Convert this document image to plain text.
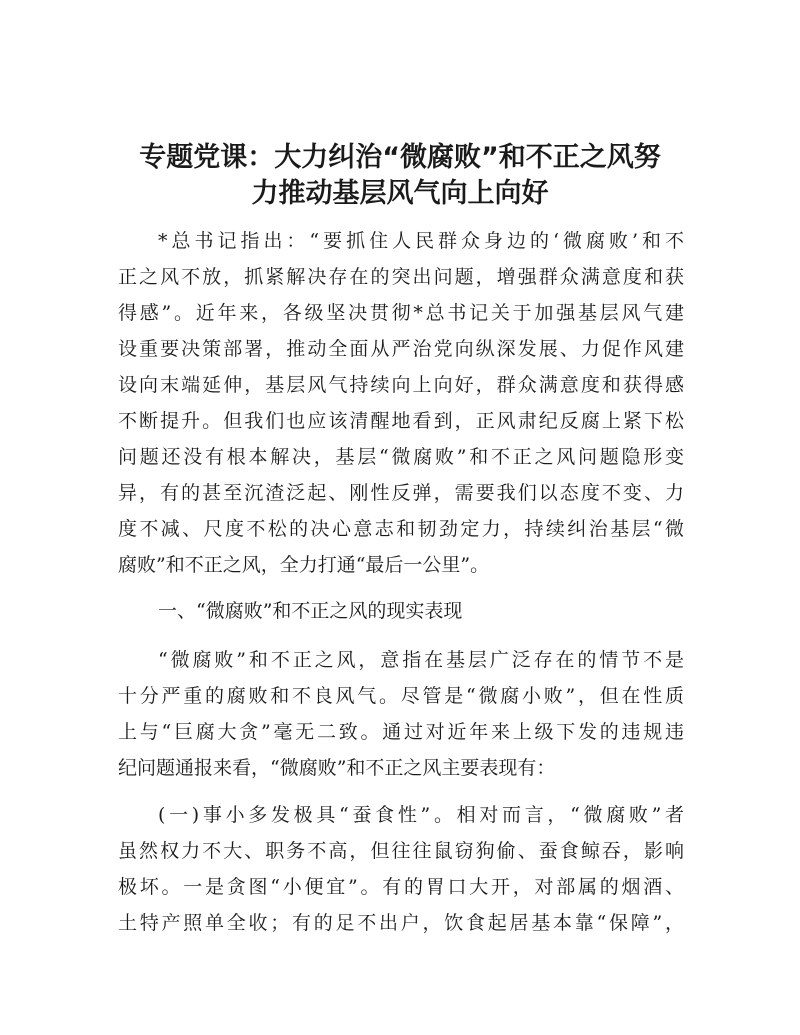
专题党课：大力纠治“微腐败”和不正之风努
力推动基层风气向上向好

*总书记指出：“要抓住人民群众身边的‘微腐败’和不

正之风不放，抓紧解决存在的突出问题，增强群众满意度和获

得感”。近年来，各级坚决贯彻*总书记关于加强基层风气建

设重要决策部署，推动全面从严治党向纵深发展、力促作风建

设向末端延伸，基层风气持续向上向好，群众满意度和获得感

不断提升。但我们也应该清醒地看到，正风肃纪反腐上紧下松

问题还没有根本解决，基层“微腐败”和不正之风问题隐形变

异，有的甚至沉渣泛起、刚性反弹，需要我们以态度不变、力

度不减、尺度不松的决心意志和韧劲定力，持续纠治基层“微

腐败”和不正之风，全力打通“最后一公里”。

一、“微腐败”和不正之风的现实表现

“微腐败”和不正之风，意指在基层广泛存在的情节不是

十分严重的腐败和不良风气。尽管是“微腐小败”，但在性质

上与“巨腐大贪”毫无二致。通过对近年来上级下发的违规违

纪问题通报来看，“微腐败”和不正之风主要表现有：

(一)事小多发极具“蚕食性”。相对而言，“微腐败”者

虽然权力不大、职务不高，但往往鼠窃狗偷、蚕食鲸吞，影响

极坏。一是贪图“小便宜”。有的胃口大开，对部属的烟酒、

土特产照单全收；有的足不出户，饮食起居基本靠“保障”，
